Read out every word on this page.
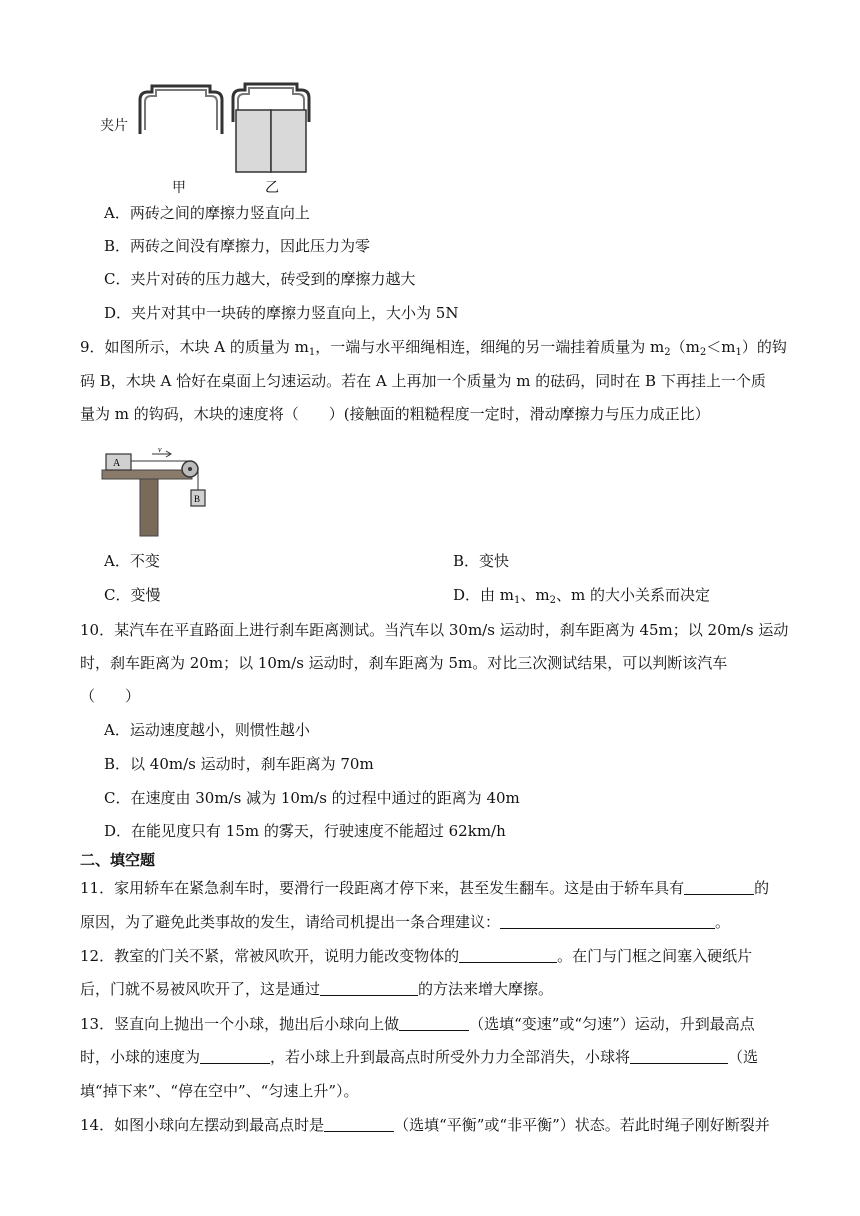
夹片
甲	乙
A．两砖之间的摩擦力竖直向上
B．两砖之间没有摩擦力，因此压力为零
C．夹片对砖的压力越大，砖受到的摩擦力越大
D．夹片对其中一块砖的摩擦力竖直向上，大小为 5N
9．如图所示，木块 A 的质量为 $m_1$，一端与水平细绳相连，细绳的另一端挂着质量为 $m_2(m_2<m_1)$的钩
码 B，木块 A 恰好在桌面上匀速运动。若在 A 上再加一个质量为 m 的砝码，同时在 B 下再挂上一个质
量为 m 的钩码，木块的速度将（　　）(接触面的粗糙程度一定时，滑动摩擦力与压力成正比）
A
v
B
A．不变	B．变快
C．变慢	D．由 $m_1$、$m_2$、m 的大小关系而决定
10．某汽车在平直路面上进行刹车距离测试。当汽车以 30m/s 运动时，刹车距离为 45m；以 20m/s 运动
时，刹车距离为 20m；以 10m/s 运动时，刹车距离为 5m。对比三次测试结果，可以判断该汽车
（　　）
A．运动速度越小，则惯性越小
B．以 40m/s 运动时，刹车距离为 70m
C．在速度由 30m/s 减为 10m/s 的过程中通过的距离为 40m
D．在能见度只有 15m 的雾天，行驶速度不能超过 62km/h
二、填空题
11．家用轿车在紧急刹车时，要滑行一段距离才停下来，甚至发生翻车。这是由于轿车具有	的
原因，为了避免此类事故的发生，请给司机提出一条合理建议：	。
12．教室的门关不紧，常被风吹开，说明力能改变物体的	。在门与门框之间塞入硬纸片
后，门就不易被风吹开了，这是通过	的方法来增大摩擦。
13．竖直向上抛出一个小球，抛出后小球向上做	（选填“变速”或“匀速”）运动，升到最高点
时，小球的速度为	，若小球上升到最高点时所受外力力全部消失，小球将	（选
填“掉下来”、“停在空中”、“匀速上升”）。
14．如图小球向左摆动到最高点时是	（选填“平衡”或“非平衡”）状态。若此时绳子刚好断裂并
